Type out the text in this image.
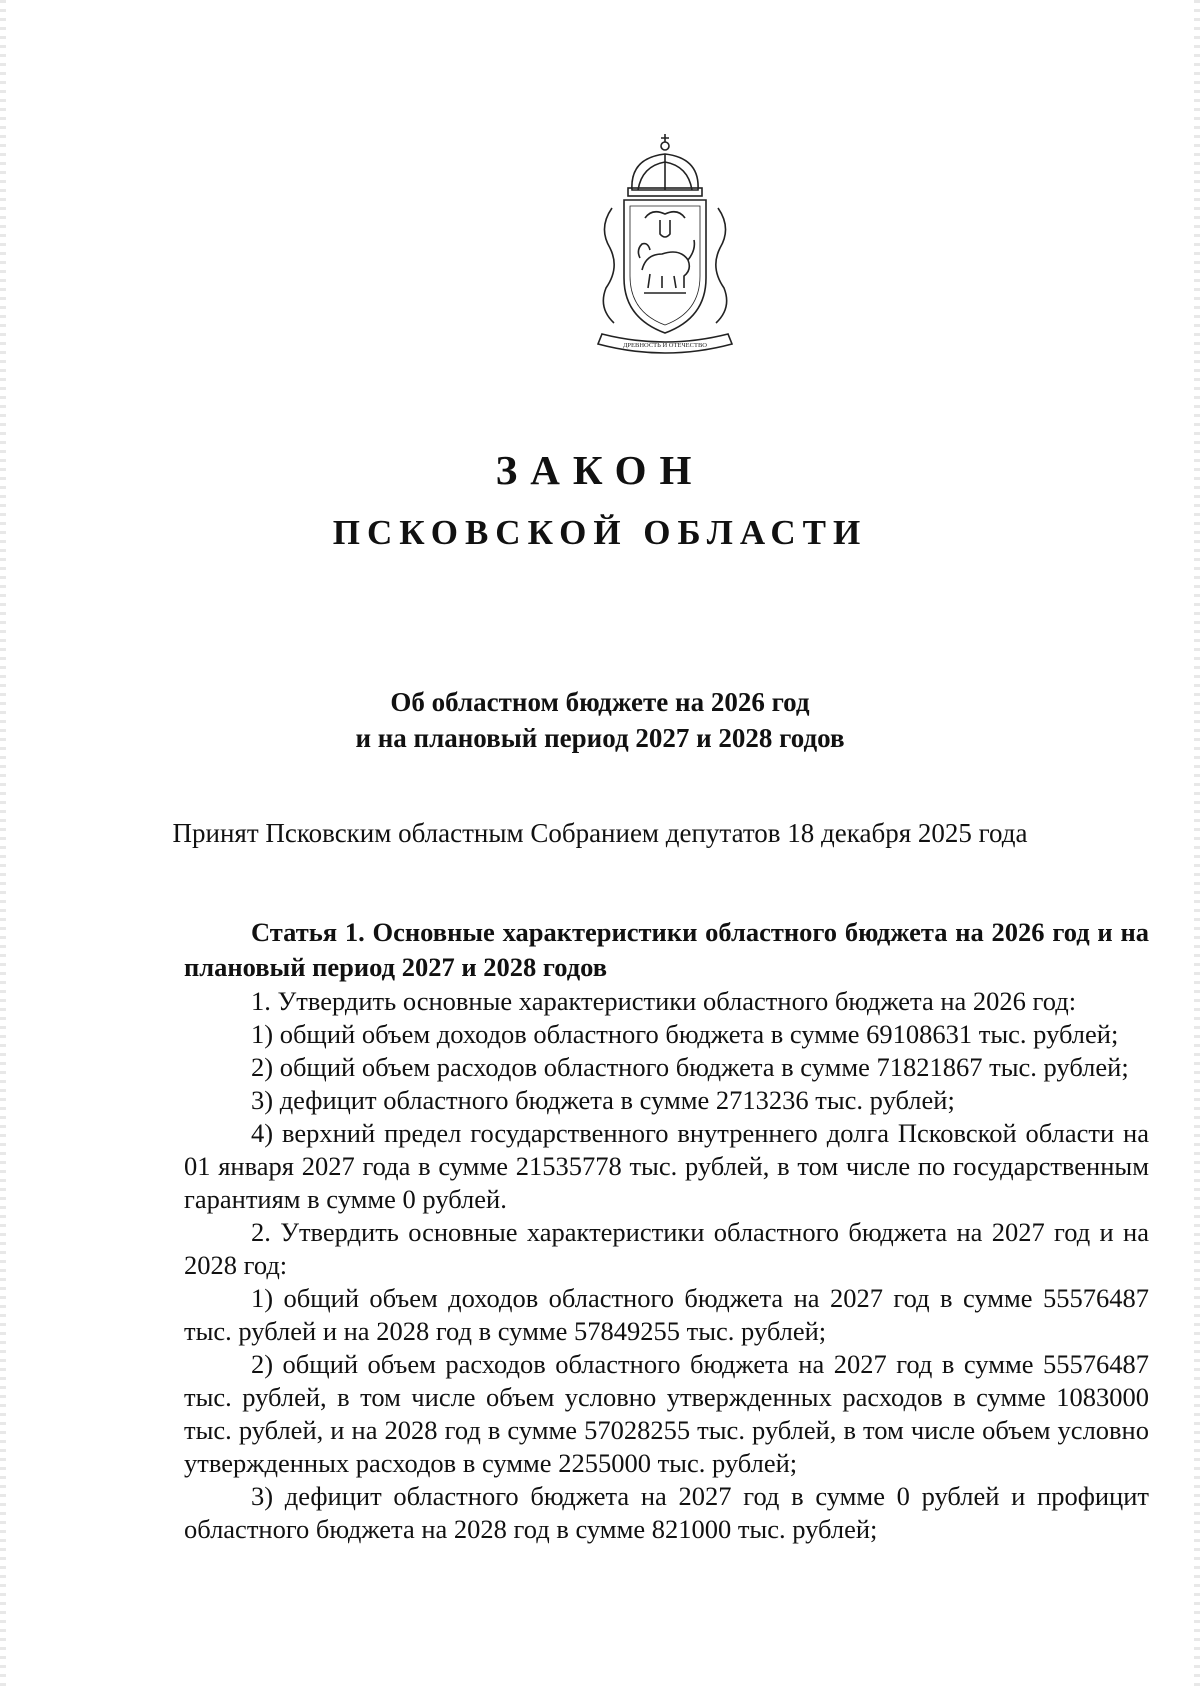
ДРЕВНОСТЬ И ОТЕЧЕСТВО
ЗАКОН
ПСКОВСКОЙ ОБЛАСТИ
Об областном бюджете на 2026 год
и на плановый период 2027 и 2028 годов
Принят Псковским областным Собранием депутатов 18 декабря 2025 года

Статья 1. Основные характеристики областного бюджета на 2026 год и на плановый период 2027 и 2028 годов

1. Утвердить основные характеристики областного бюджета на 2026 год:

1) общий объем доходов областного бюджета в сумме 69108631 тыс. рублей;

2) общий объем расходов областного бюджета в сумме 71821867 тыс. рублей;

3) дефицит областного бюджета в сумме 2713236 тыс. рублей;

4) верхний предел государственного внутреннего долга Псковской области на 01 января 2027 года в сумме 21535778 тыс. рублей, в том числе по государственным гарантиям в сумме 0 рублей.

2. Утвердить основные характеристики областного бюджета на 2027 год и на 2028 год:

1) общий объем доходов областного бюджета на 2027 год в сумме 55576487 тыс. рублей и на 2028 год в сумме 57849255 тыс. рублей;

2) общий объем расходов областного бюджета на 2027 год в сумме 55576487 тыс. рублей, в том числе объем условно утвержденных расходов в сумме 1083000 тыс. рублей, и на 2028 год в сумме 57028255 тыс. рублей, в том числе объем условно утвержденных расходов в сумме 2255000 тыс. рублей;

3) дефицит областного бюджета на 2027 год в сумме 0 рублей и профицит областного бюджета на 2028 год в сумме 821000 тыс. рублей;
